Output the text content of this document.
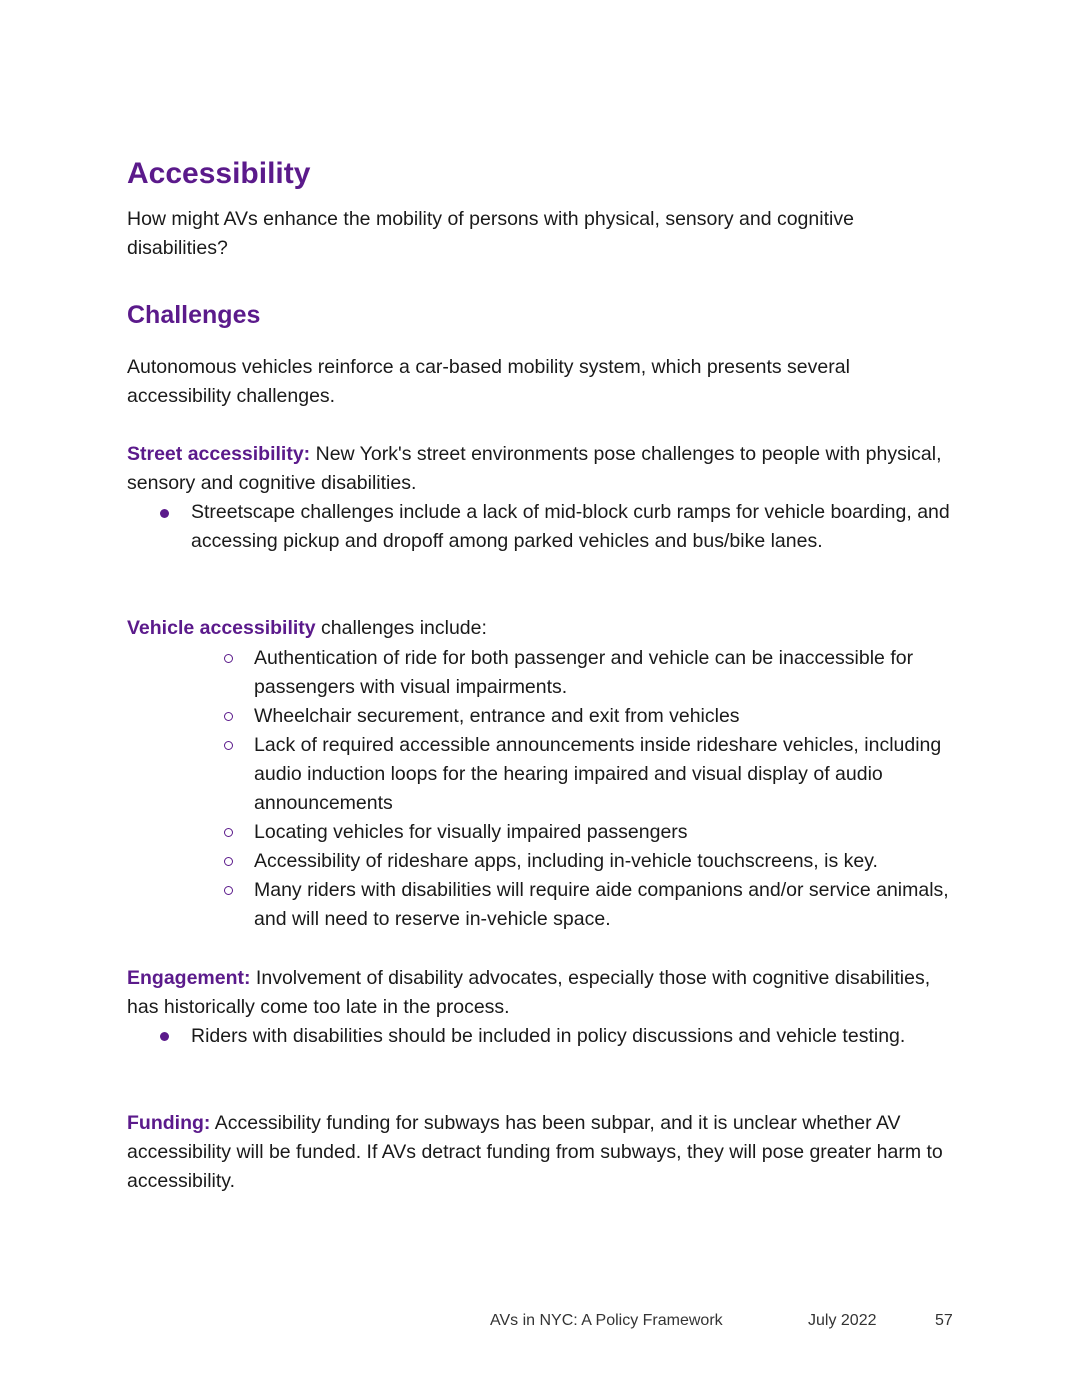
Accessibility

How might AVs enhance the mobility of persons with physical, sensory and cognitive disabilities?

Challenges

Autonomous vehicles reinforce a car-based mobility system, which presents several accessibility challenges.

Street accessibility: New York's street environments pose challenges to people with physical, sensory and cognitive disabilities.

Streetscape challenges include a lack of mid-block curb ramps for vehicle boarding, and accessing pickup and dropoff among parked vehicles and bus/bike lanes.

Vehicle accessibility challenges include:

Authentication of ride for both passenger and vehicle can be inaccessible for passengers with visual impairments.
Wheelchair securement, entrance and exit from vehicles
Lack of required accessible announcements inside rideshare vehicles, including audio induction loops for the hearing impaired and visual display of audio announcements
Locating vehicles for visually impaired passengers
Accessibility of rideshare apps, including in-vehicle touchscreens, is key.
Many riders with disabilities will require aide companions and/or service animals, and will need to reserve in-vehicle space.

Engagement: Involvement of disability advocates, especially those with cognitive disabilities, has historically come too late in the process.

Riders with disabilities should be included in policy discussions and vehicle testing.

Funding: Accessibility funding for subways has been subpar, and it is unclear whether AV accessibility will be funded. If AVs detract funding from subways, they will pose greater harm to accessibility.

AVs in NYC: A Policy Framework	July 2022	57
